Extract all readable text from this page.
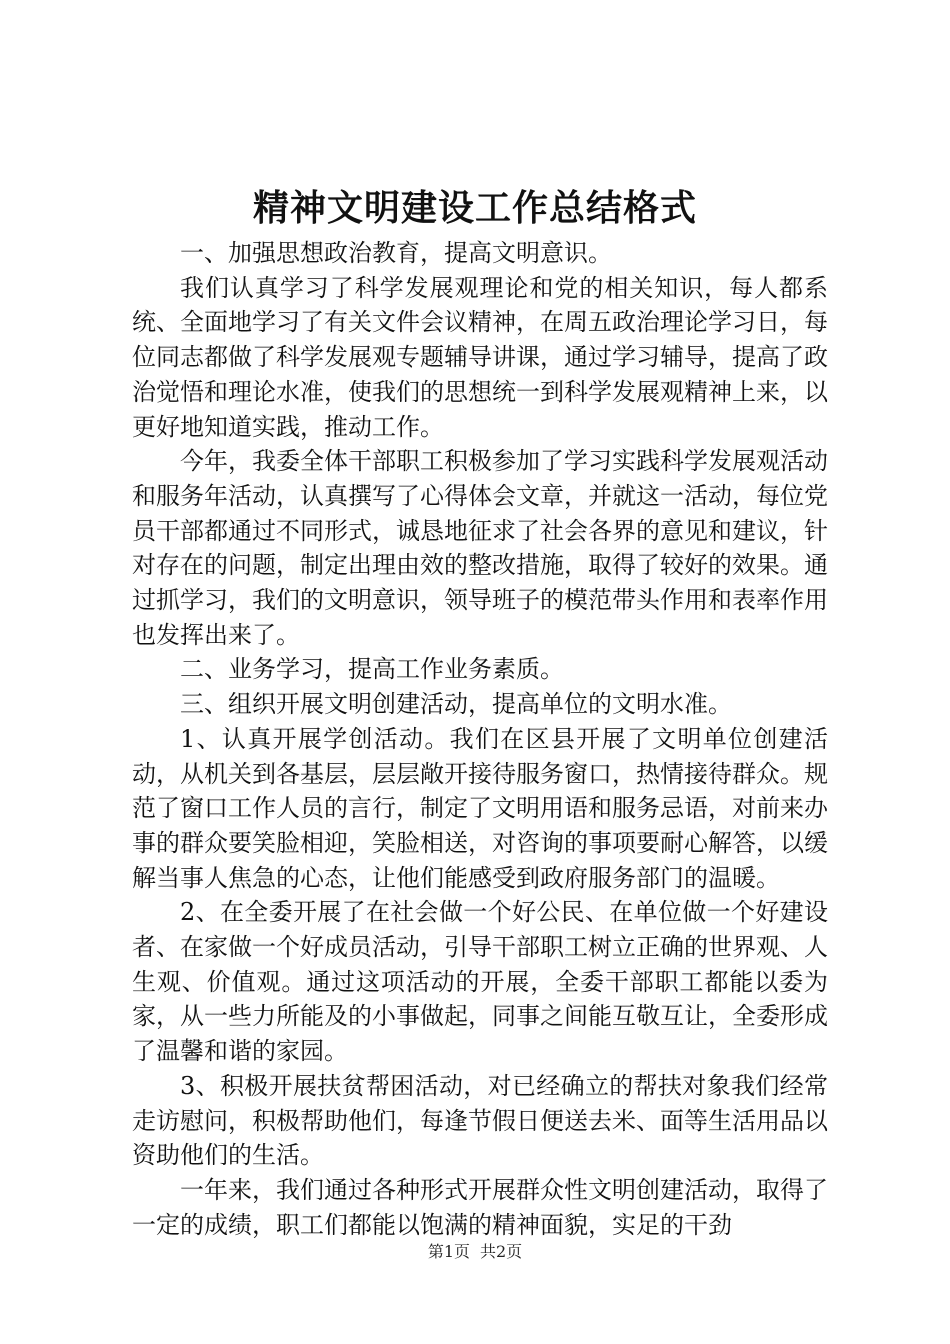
精神文明建设工作总结格式

一、加强思想政治教育，提高文明意识。

我们认真学习了科学发展观理论和党的相关知识，每人都系统、全面地学习了有关文件会议精神，在周五政治理论学习日，每位同志都做了科学发展观专题辅导讲课，通过学习辅导，提高了政治觉悟和理论水准，使我们的思想统一到科学发展观精神上来，以更好地知道实践，推动工作。

今年，我委全体干部职工积极参加了学习实践科学发展观活动和服务年活动，认真撰写了心得体会文章，并就这一活动，每位党员干部都通过不同形式，诚恳地征求了社会各界的意见和建议，针对存在的问题，制定出理由效的整改措施，取得了较好的效果。通过抓学习，我们的文明意识，领导班子的模范带头作用和表率作用也发挥出来了。

二、业务学习，提高工作业务素质。

三、组织开展文明创建活动，提高单位的文明水准。

1、认真开展学创活动。我们在区县开展了文明单位创建活动，从机关到各基层，层层敞开接待服务窗口，热情接待群众。规范了窗口工作人员的言行，制定了文明用语和服务忌语，对前来办事的群众要笑脸相迎，笑脸相送，对咨询的事项要耐心解答，以缓解当事人焦急的心态，让他们能感受到政府服务部门的温暖。

2、在全委开展了在社会做一个好公民、在单位做一个好建设者、在家做一个好成员活动，引导干部职工树立正确的世界观、人生观、价值观。通过这项活动的开展，全委干部职工都能以委为家，从一些力所能及的小事做起，同事之间能互敬互让，全委形成了温馨和谐的家园。

3、积极开展扶贫帮困活动，对已经确立的帮扶对象我们经常走访慰问，积极帮助他们，每逢节假日便送去米、面等生活用品以资助他们的生活。

一年来，我们通过各种形式开展群众性文明创建活动，取得了一定的成绩，职工们都能以饱满的精神面貌，实足的干劲

第1页 共2页
